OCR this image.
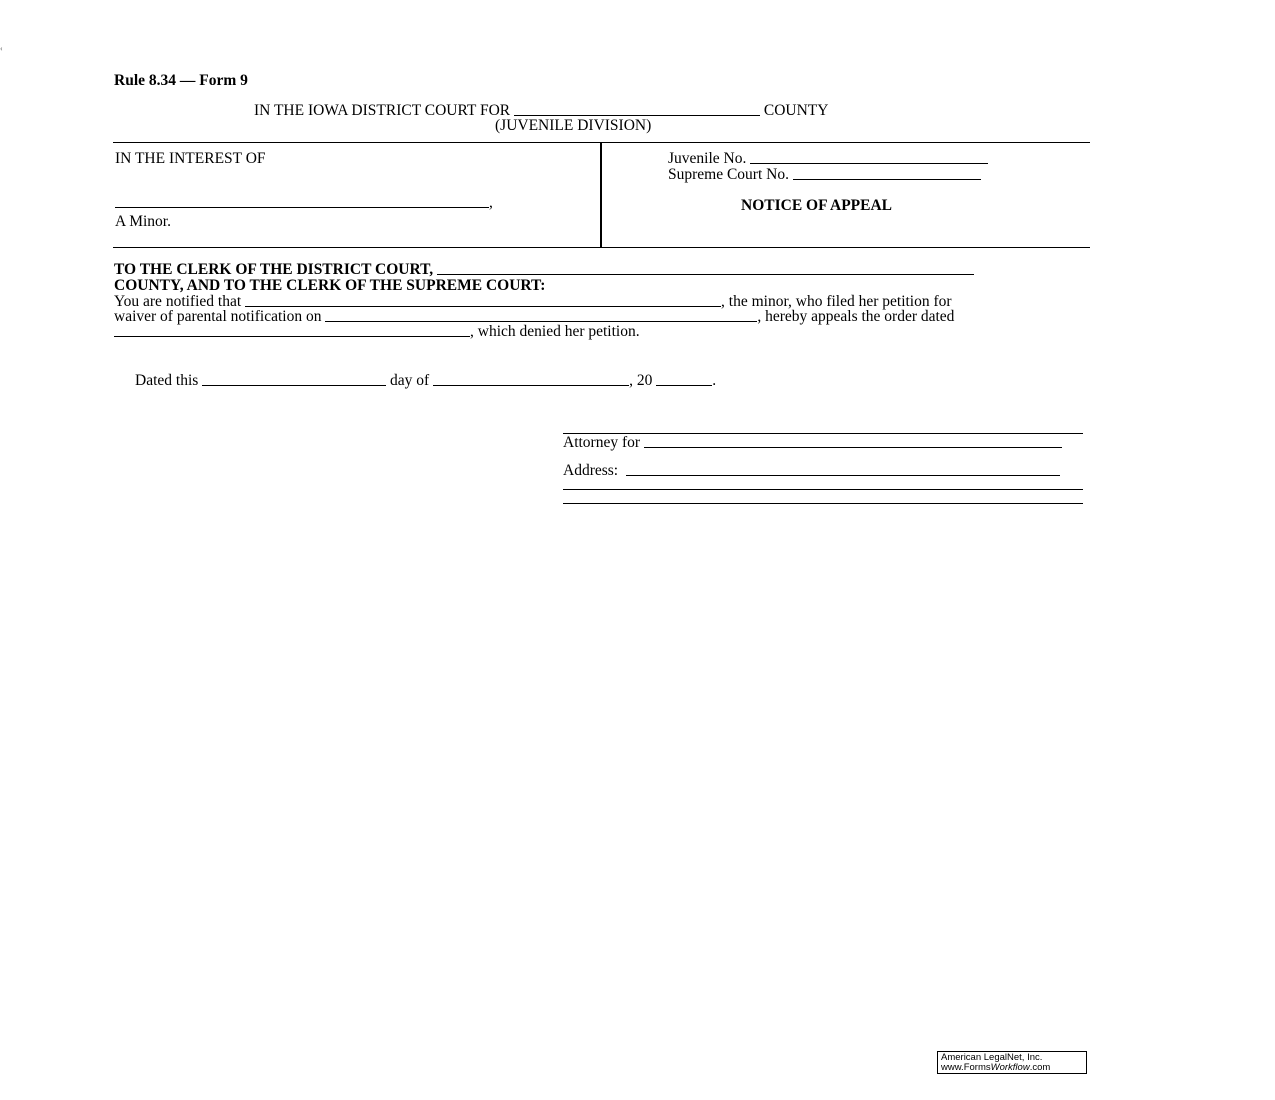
‹
Rule 8.34 — Form 9
IN THE IOWA DISTRICT COURT FOR	COUNTY
(JUVENILE DIVISION)
IN THE INTEREST OF
,
A Minor.
Juvenile No.
Supreme Court No.
NOTICE OF APPEAL
TO THE CLERK OF THE DISTRICT COURT,
COUNTY, AND TO THE CLERK OF THE SUPREME COURT:
You are notified that	, the minor, who filed her petition for
waiver of parental notification on	, hereby appeals the order dated
, which denied her petition.
Dated this	day of	, 20	.
Attorney for
Address:
American LegalNet, Inc.
www.FormsWorkflow.com
